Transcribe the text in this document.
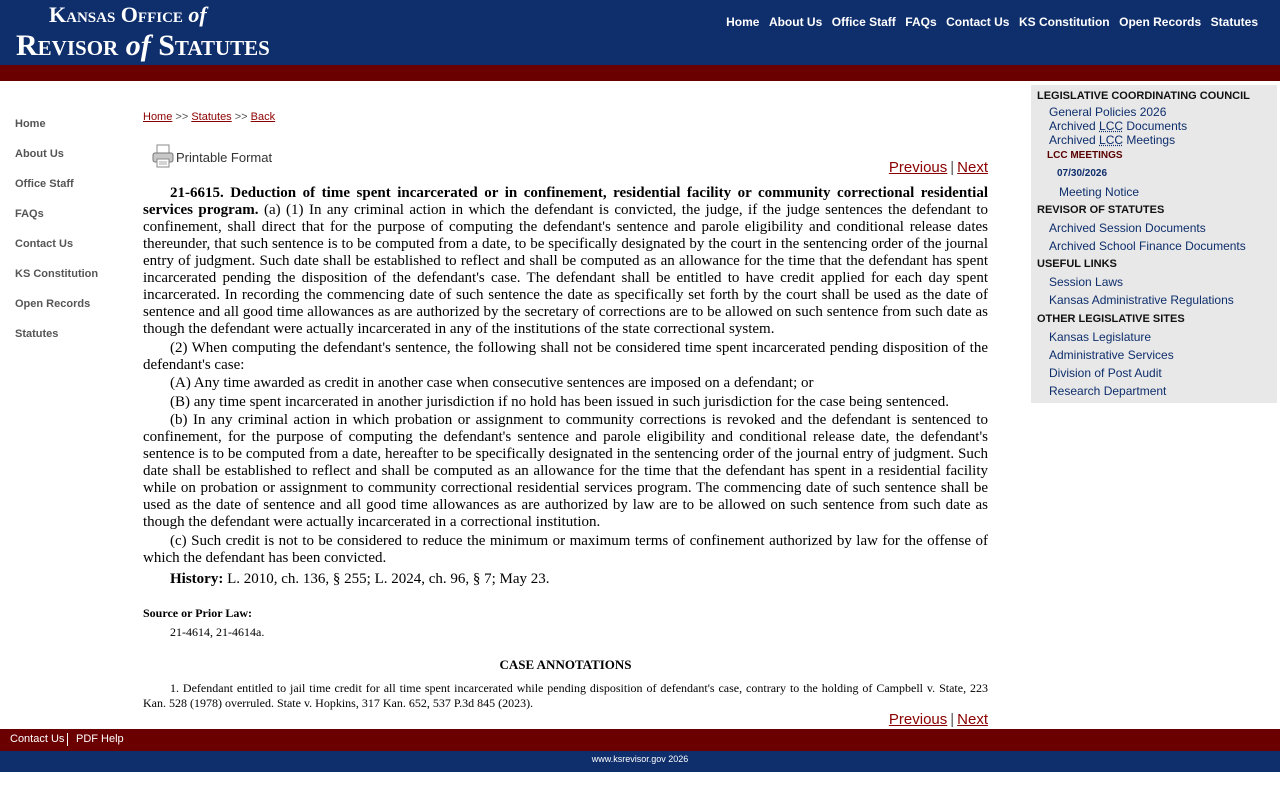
Kansas Office of
Revisor of Statutes
Home About Us Office Staff FAQs Contact Us KS Constitution Open Records Statutes
Home
About Us
Office Staff
FAQs
Contact Us
KS Constitution
Open Records
Statutes
Home >> Statutes >> Back
Printable Format
Previous | Next

21-6615. Deduction of time spent incarcerated or in confinement, residential facility or community correctional residential services program. (a) (1) In any criminal action in which the defendant is convicted, the judge, if the judge sentences the defendant to confinement, shall direct that for the purpose of computing the defendant's sentence and parole eligibility and conditional release dates thereunder, that such sentence is to be computed from a date, to be specifically designated by the court in the sentencing order of the journal entry of judgment. Such date shall be established to reflect and shall be computed as an allowance for the time that the defendant has spent incarcerated pending the disposition of the defendant's case. The defendant shall be entitled to have credit applied for each day spent incarcerated. In recording the commencing date of such sentence the date as specifically set forth by the court shall be used as the date of sentence and all good time allowances as are authorized by the secretary of corrections are to be allowed on such sentence from such date as though the defendant were actually incarcerated in any of the institutions of the state correctional system.

(2) When computing the defendant's sentence, the following shall not be considered time spent incarcerated pending disposition of the defendant's case:

(A) Any time awarded as credit in another case when consecutive sentences are imposed on a defendant; or

(B) any time spent incarcerated in another jurisdiction if no hold has been issued in such jurisdiction for the case being sentenced.

(b) In any criminal action in which probation or assignment to community corrections is revoked and the defendant is sentenced to confinement, for the purpose of computing the defendant's sentence and parole eligibility and conditional release date, the defendant's sentence is to be computed from a date, hereafter to be specifically designated in the sentencing order of the journal entry of judgment. Such date shall be established to reflect and shall be computed as an allowance for the time that the defendant has spent in a residential facility while on probation or assignment to community correctional residential services program. The commencing date of such sentence shall be used as the date of sentence and all good time allowances as are authorized by law are to be allowed on such sentence from such date as though the defendant were actually incarcerated in a correctional institution.

(c) Such credit is not to be considered to reduce the minimum or maximum terms of confinement authorized by law for the offense of which the defendant has been convicted.

History: L. 2010, ch. 136, § 255; L. 2024, ch. 96, § 7; May 23.

Source or Prior Law:
21-4614, 21-4614a.
CASE ANNOTATIONS

1. Defendant entitled to jail time credit for all time spent incarcerated while pending disposition of defendant's case, contrary to the holding of Campbell v. State, 223 Kan. 528 (1978) overruled. State v. Hopkins, 317 Kan. 652, 537 P.3d 845 (2023).

Previous | Next
LEGISLATIVE COORDINATING COUNCIL
General Policies 2026
Archived LCC Documents
Archived LCC Meetings
LCC MEETINGS
07/30/2026
Meeting Notice
REVISOR OF STATUTES
Archived Session Documents
Archived School Finance Documents
USEFUL LINKS
Session Laws
Kansas Administrative Regulations
OTHER LEGISLATIVE SITES
Kansas Legislature
Administrative Services
Division of Post Audit
Research Department
Contact Us PDF Help
www.ksrevisor.gov 2026
